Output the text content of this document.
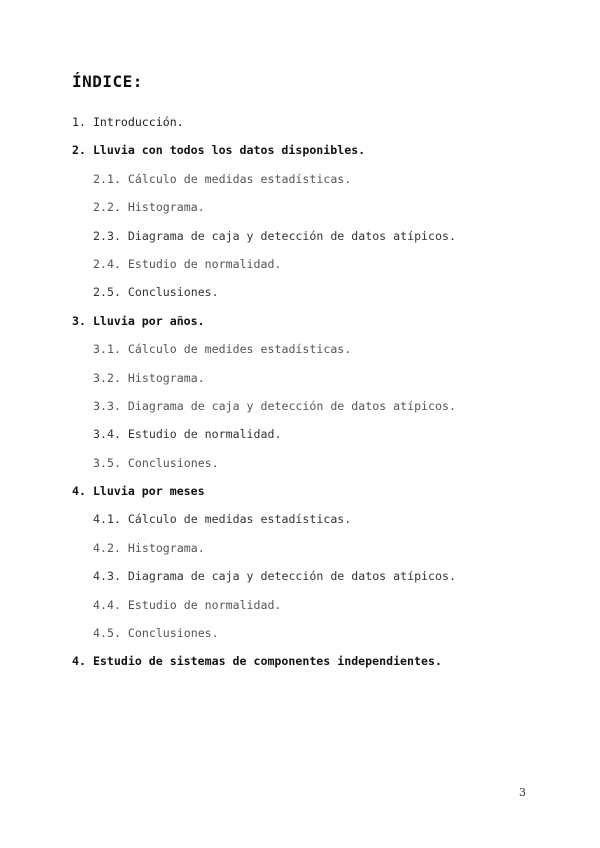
ÍNDICE:
1. Introducción.
2. Lluvia con todos los datos disponibles.
2.1. Cálculo de medidas estadísticas.
2.2. Histograma.
2.3. Diagrama de caja y detección de datos atípicos.
2.4. Estudio de normalidad.
2.5. Conclusiones.
3. Lluvia por años.
3.1. Cálculo de medides estadísticas.
3.2. Histograma.
3.3. Diagrama de caja y detección de datos atípicos.
3.4. Estudio de normalidad.
3.5. Conclusiones.
4. Lluvia por meses
4.1. Cálculo de medidas estadísticas.
4.2. Histograma.
4.3. Diagrama de caja y detección de datos atípicos.
4.4. Estudio de normalidad.
4.5. Conclusiones.
4. Estudio de sistemas de componentes independientes.
3
